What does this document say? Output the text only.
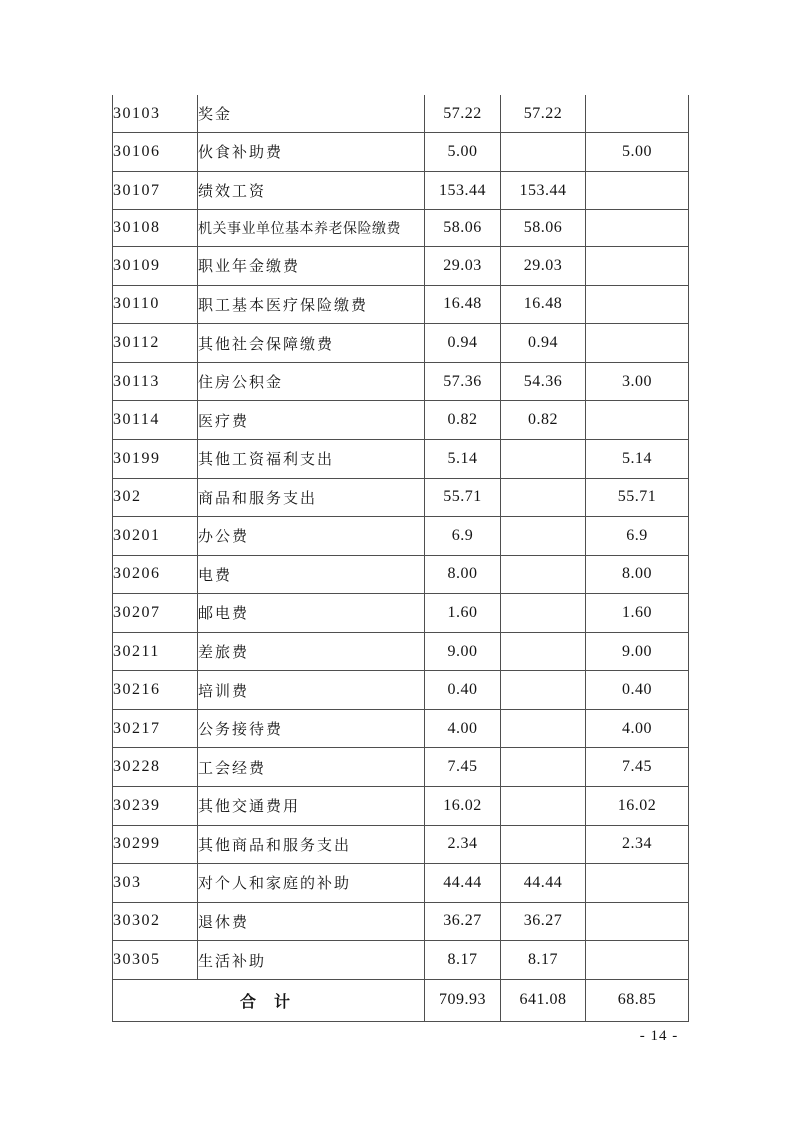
30103	奖金	57.22	57.22	
30106	伙食补助费	5.00		5.00
30107	绩效工资	153.44	153.44	
30108	机关事业单位基本养老保险缴费	58.06	58.06	
30109	职业年金缴费	29.03	29.03	
30110	职工基本医疗保险缴费	16.48	16.48	
30112	其他社会保障缴费	0.94	0.94	
30113	住房公积金	57.36	54.36	3.00
30114	医疗费	0.82	0.82	
30199	其他工资福利支出	5.14		5.14
302	商品和服务支出	55.71		55.71
30201	办公费	6.9		6.9
30206	电费	8.00		8.00
30207	邮电费	1.60		1.60
30211	差旅费	9.00		9.00
30216	培训费	0.40		0.40
30217	公务接待费	4.00		4.00
30228	工会经费	7.45		7.45
30239	其他交通费用	16.02		16.02
30299	其他商品和服务支出	2.34		2.34
303	对个人和家庭的补助	44.44	44.44	
30302	退休费	36.27	36.27	
30305	生活补助	8.17	8.17	
合 计		709.93	641.08	68.85
- 14 -
